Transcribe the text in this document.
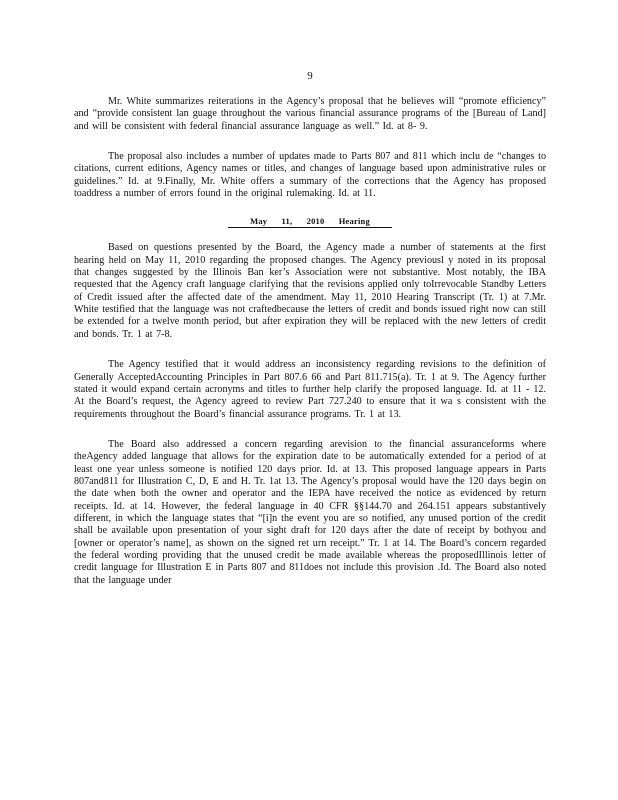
9

Mr. White summarizes reiterations in the Agency’s proposal that he believes will “promote efficiency” and “provide consistent lan guage throughout the various financial assurance programs of the [Bureau of Land] and will be consistent with federal financial assurance language as well.” Id. at 8- 9.

The proposal also includes a number of updates made to Parts 807 and 811 which inclu de “changes to citations, current editions, Agency names or titles, and changes of language based upon administrative rules or guidelines.” Id. at 9.Finally, Mr. White offers a summary of the corrections that the Agency has proposed toaddress a number of errors found in the original rulemaking. Id. at 11.

May 11, 2010 Hearing

Based on questions presented by the Board, the Agency made a number of statements at the first hearing held on May 11, 2010 regarding the proposed changes. The Agency previousl y noted in its proposal that changes suggested by the Illinois Ban ker’s Association were not substantive. Most notably, the IBA requested that the Agency craft language clarifying that the revisions applied only toIrrevocable Standby Letters of Credit issued after the affected date of the amendment. May 11, 2010 Hearing Transcript (Tr. 1) at 7.Mr. White testified that the language was not craftedbecause the letters of credit and bonds issued right now can still be extended for a twelve month period, but after expiration they will be replaced with the new letters of credit and bonds. Tr. 1 at 7-8.

The Agency testified that it would address an inconsistency regarding revisions to the definition of Generally AcceptedAccounting Principles in Part 807.6 66 and Part 811.715(a). Tr. 1 at 9. The Agency further stated it would expand certain acronyms and titles to further help clarify the proposed language. Id. at 11 - 12. At the Board’s request, the Agency agreed to review Part 727.240 to ensure that it wa s consistent with the requirements throughout the Board’s financial assurance programs. Tr. 1 at 13.

The Board also addressed a concern regarding arevision to the financial assuranceforms where theAgency added language that allows for the expiration date to be automatically extended for a period of at least one year unless someone is notified 120 days prior. Id. at 13. This proposed language appears in Parts 807and811 for Illustration C, D, E and H. Tr. 1at 13. The Agency’s proposal would have the 120 days begin on the date when both the owner and operator and the IEPA have received the notice as evidenced by return receipts. Id. at 14. However, the federal language in 40 CFR §§144.70 and 264.151 appears substantively different, in which the language states that “[i]n the event you are so notified, any unused portion of the credit shall be available upon presentation of your sight draft for 120 days after the date of receipt by bothyou and [owner or operator’s name], as shown on the signed ret urn receipt.” Tr. 1 at 14. The Board’s concern regarded the federal wording providing that the unused credit be made available whereas the proposedIllinois letter of credit language for Illustration E in Parts 807 and 811does not include this provision .Id. The Board also noted that the language under
